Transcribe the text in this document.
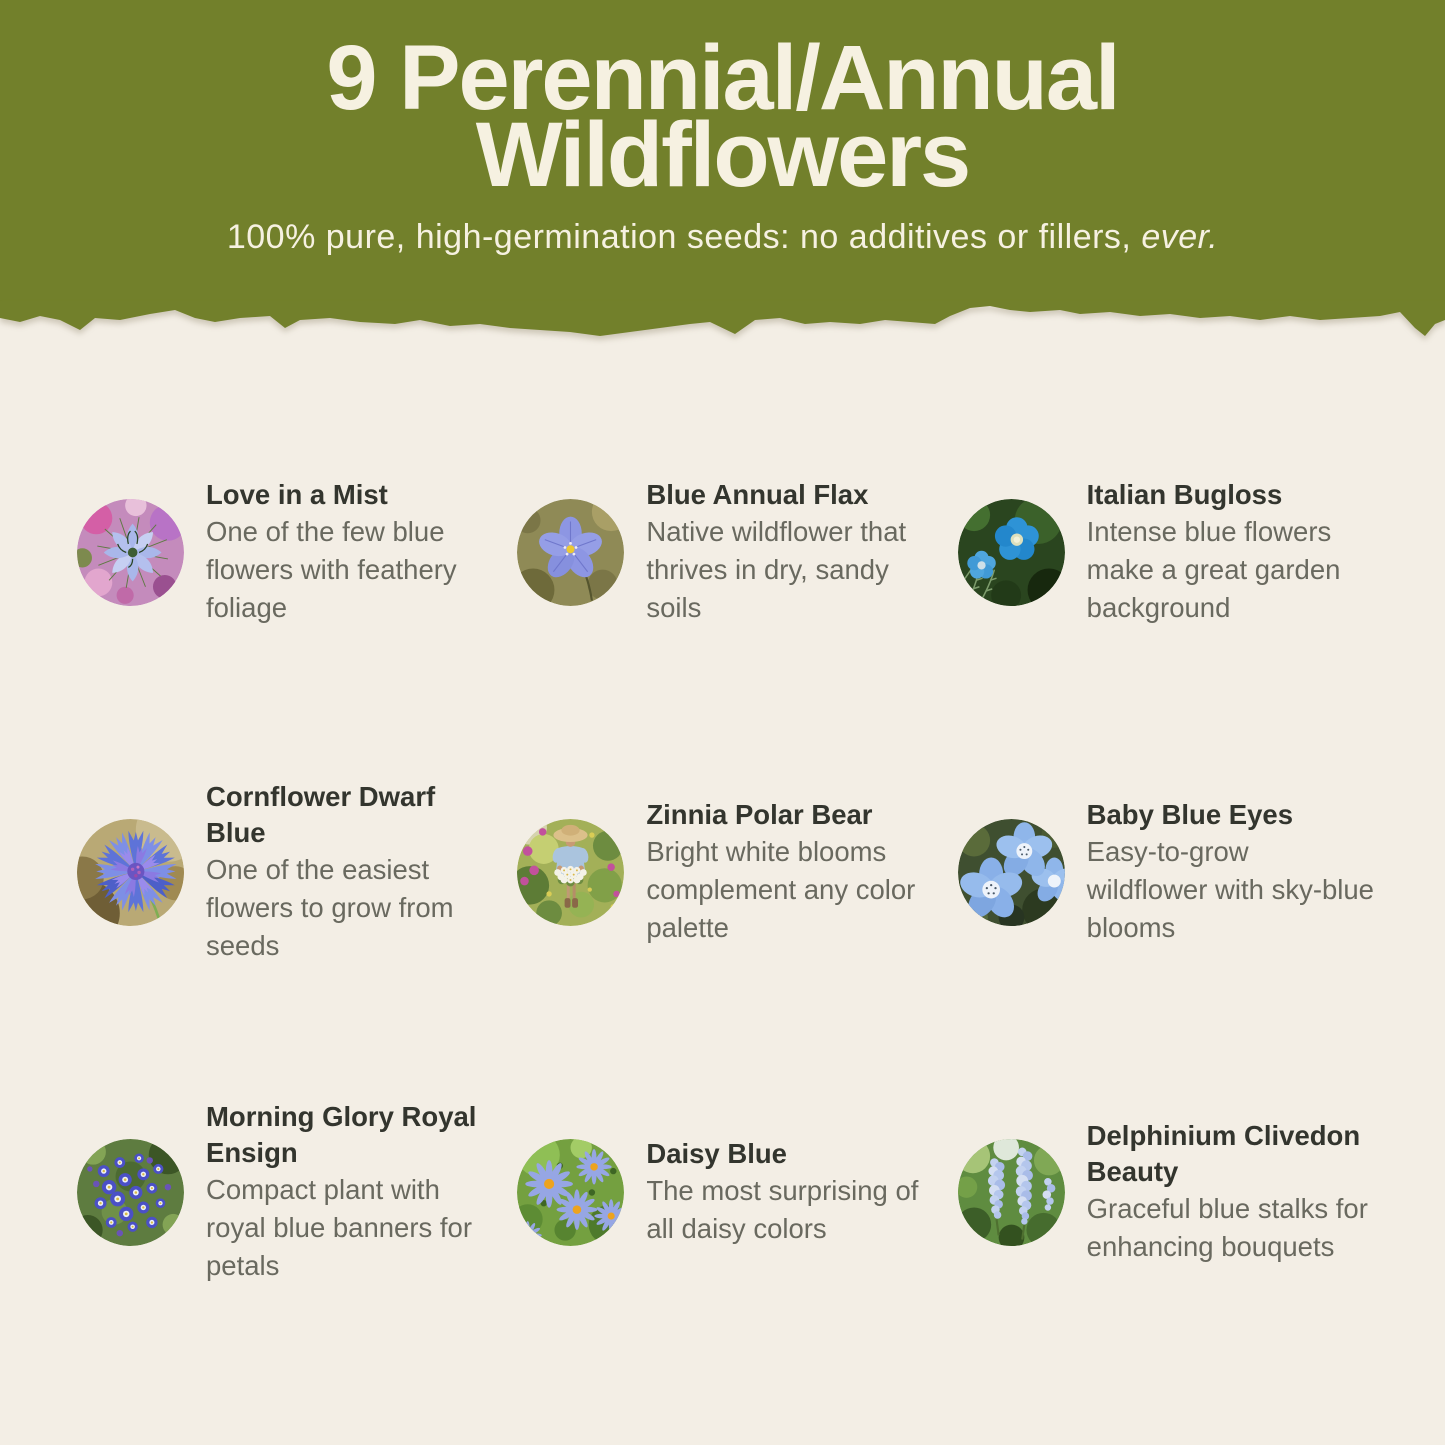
9 Perennial/Annual
Wildflowers
100% pure, high-germination seeds: no additives or fillers, ever.
Love in a Mist
One of the few blue flowers with feathery foliage
Blue Annual Flax
Native wildflower that thrives in dry, sandy soils
Italian Bugloss
Intense blue flowers make a great garden background
Cornflower Dwarf Blue
One of the easiest flowers to grow from seeds
Zinnia Polar Bear
Bright white blooms complement any color palette
Baby Blue Eyes
Easy-to-grow wildflower with sky-blue blooms
Morning Glory Royal Ensign
Compact plant with royal blue banners for petals
Daisy Blue
The most surprising of all daisy colors
Delphinium Clivedon Beauty
Graceful blue stalks for enhancing bouquets
